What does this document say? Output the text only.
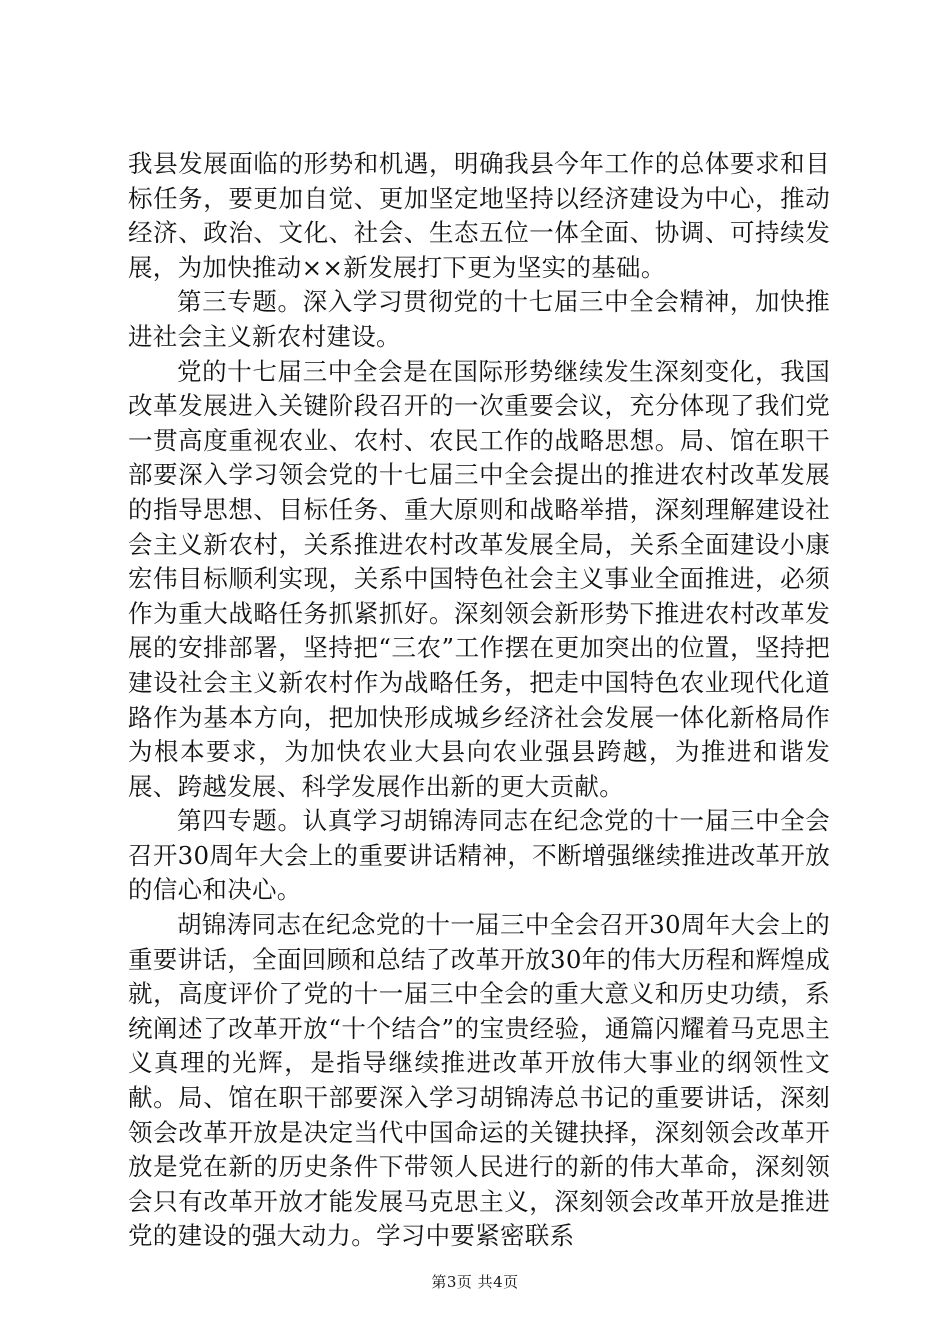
我县发展面临的形势和机遇，明确我县今年工作的总体要求和目标任务，要更加自觉、更加坚定地坚持以经济建设为中心，推动经济、政治、文化、社会、生态五位一体全面、协调、可持续发展，为加快推动××新发展打下更为坚实的基础。

第三专题。深入学习贯彻党的十七届三中全会精神，加快推进社会主义新农村建设。

党的十七届三中全会是在国际形势继续发生深刻变化，我国改革发展进入关键阶段召开的一次重要会议，充分体现了我们党一贯高度重视农业、农村、农民工作的战略思想。局、馆在职干部要深入学习领会党的十七届三中全会提出的推进农村改革发展的指导思想、目标任务、重大原则和战略举措，深刻理解建设社会主义新农村，关系推进农村改革发展全局，关系全面建设小康宏伟目标顺利实现，关系中国特色社会主义事业全面推进，必须作为重大战略任务抓紧抓好。深刻领会新形势下推进农村改革发展的安排部署，坚持把“三农”工作摆在更加突出的位置，坚持把建设社会主义新农村作为战略任务，把走中国特色农业现代化道路作为基本方向，把加快形成城乡经济社会发展一体化新格局作为根本要求，为加快农业大县向农业强县跨越，为推进和谐发展、跨越发展、科学发展作出新的更大贡献。

第四专题。认真学习胡锦涛同志在纪念党的十一届三中全会召开30周年大会上的重要讲话精神，不断增强继续推进改革开放的信心和决心。

胡锦涛同志在纪念党的十一届三中全会召开30周年大会上的重要讲话，全面回顾和总结了改革开放30年的伟大历程和辉煌成就，高度评价了党的十一届三中全会的重大意义和历史功绩，系统阐述了改革开放“十个结合”的宝贵经验，通篇闪耀着马克思主义真理的光辉，是指导继续推进改革开放伟大事业的纲领性文献。局、馆在职干部要深入学习胡锦涛总书记的重要讲话，深刻领会改革开放是决定当代中国命运的关键抉择，深刻领会改革开放是党在新的历史条件下带领人民进行的新的伟大革命，深刻领会只有改革开放才能发展马克思主义，深刻领会改革开放是推进党的建设的强大动力。学习中要紧密联系

第3页 共4页
